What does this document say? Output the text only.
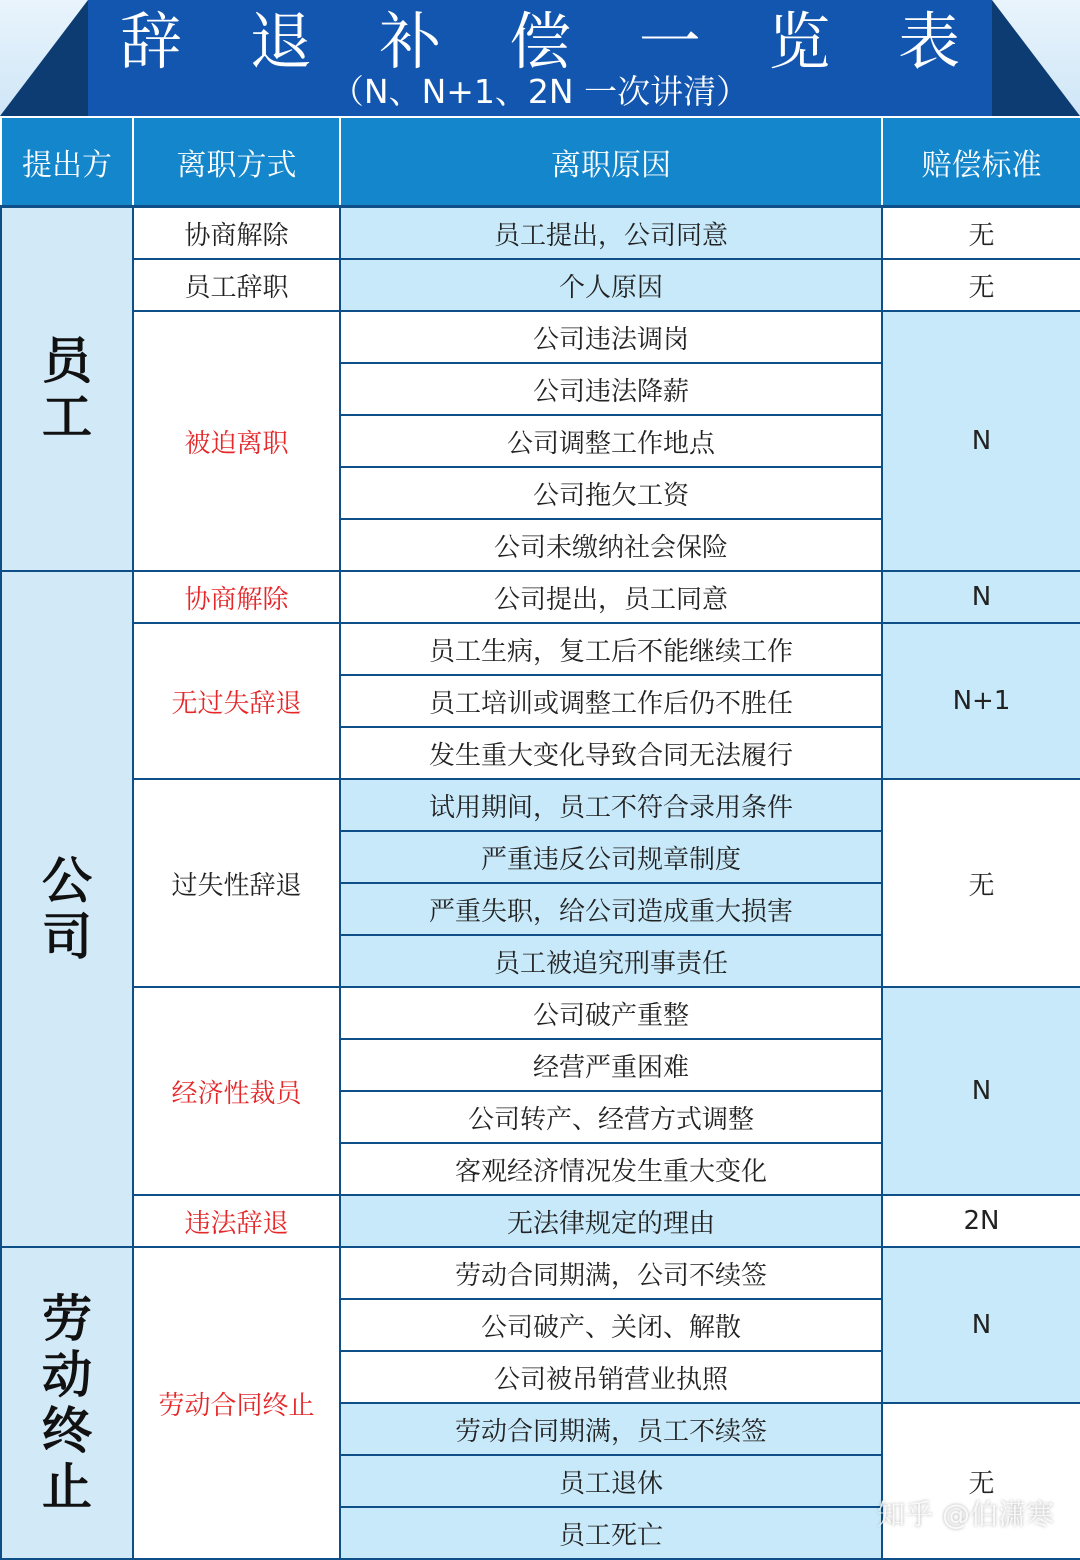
辞 退 补 偿 一 览 表
（N、N+1、2N 一次讲清）
提出方	离职方式	离职原因	赔偿标准
员工	协商解除	员工提出，公司同意	无
	员工辞职	个人原因	无
	被迫离职	公司违法调岗	N
		公司违法降薪	
		公司调整工作地点	
		公司拖欠工资	
		公司未缴纳社会保险	
公司	协商解除	公司提出，员工同意	N
	无过失辞退	员工生病，复工后不能继续工作	N+1
		员工培训或调整工作后仍不胜任	
		发生重大变化导致合同无法履行	
	过失性辞退	试用期间，员工不符合录用条件	无
		严重违反公司规章制度	
		严重失职，给公司造成重大损害	
		员工被追究刑事责任	
	经济性裁员	公司破产重整	N
		经营严重困难	
		公司转产、经营方式调整	
		客观经济情况发生重大变化	
	违法辞退	无法律规定的理由	2N
劳动终止	劳动合同终止	劳动合同期满，公司不续签	N
		公司破产、关闭、解散	
		公司被吊销营业执照	
		劳动合同期满，员工不续签	无
		员工退休	
		员工死亡	
知乎 @伯潇寒
